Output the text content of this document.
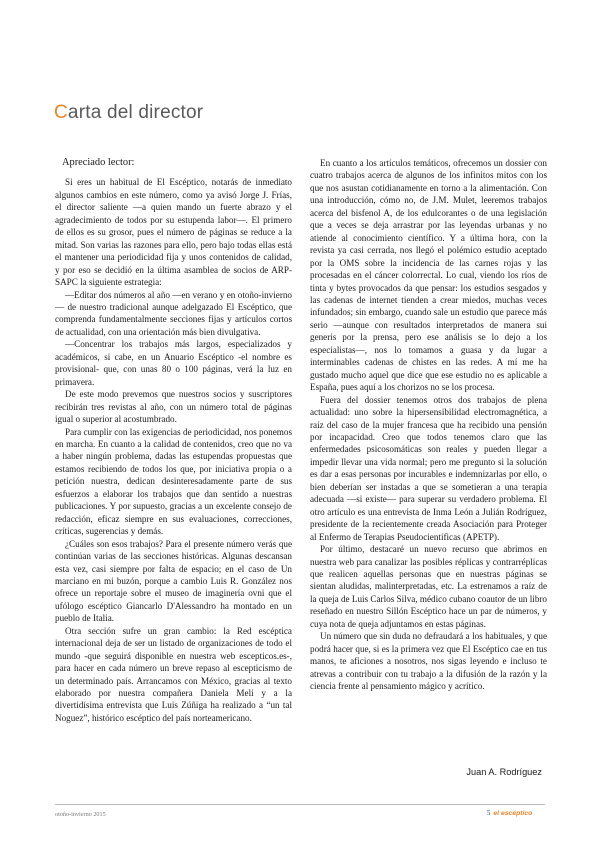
Carta del director

Apreciado lector:

Si eres un habitual de El Escéptico, notarás de inmediato algunos cambios en este número, como ya avisó Jorge J. Frías, el director saliente —a quien mando un fuerte abrazo y el agradecimiento de todos por su estupenda labor—. El primero de ellos es su grosor, pues el número de páginas se reduce a la mitad. Son varias las razones para ello, pero bajo todas ellas está el mantener una periodicidad fija y unos contenidos de calidad, y por eso se decidió en la última asamblea de socios de ARP-SAPC la siguiente estrategia:

—Editar dos números al año —en verano y en otoño-invierno— de nuestro tradicional aunque adelgazado El Escéptico, que comprenda fundamentalmente secciones fijas y artículos cortos de actualidad, con una orientación más bien divulgativa.

—Concentrar los trabajos más largos, especializados y académicos, si cabe, en un Anuario Escéptico -el nombre es provisional- que, con unas 80 o 100 páginas, verá la luz en primavera.

De este modo prevemos que nuestros socios y suscriptores recibirán tres revistas al año, con un número total de páginas igual o superior al acostumbrado.

Para cumplir con las exigencias de periodicidad, nos ponemos en marcha. En cuanto a la calidad de contenidos, creo que no va a haber ningún problema, dadas las estupendas propuestas que estamos recibiendo de todos los que, por iniciativa propia o a petición nuestra, dedican desinteresadamente parte de sus esfuerzos a elaborar los trabajos que dan sentido a nuestras publicaciones. Y por supuesto, gracias a un excelente consejo de redacción, eficaz siempre en sus evaluaciones, correcciones, críticas, sugerencias y demás.

¿Cuáles son esos trabajos? Para el presente número verás que continúan varias de las secciones históricas. Algunas descansan esta vez, casi siempre por falta de espacio; en el caso de Un marciano en mi buzón, porque a cambio Luis R. González nos ofrece un reportaje sobre el museo de imaginería ovni que el ufólogo escéptico Giancarlo D'Alessandro ha montado en un pueblo de Italia.

Otra sección sufre un gran cambio: la Red escéptica internacional deja de ser un listado de organizaciones de todo el mundo -que seguirá disponible en nuestra web escepticos.es-, para hacer en cada número un breve repaso al escepticismo de un determinado país. Arrancamos con México, gracias al texto elaborado por nuestra compañera Daniela Meli y a la divertidísima entrevista que Luis Zúñiga ha realizado a “un tal Noguez”, histórico escéptico del país norteamericano.

En cuanto a los artículos temáticos, ofrecemos un dossier con cuatro trabajos acerca de algunos de los infinitos mitos con los que nos asustan cotidianamente en torno a la alimentación. Con una introducción, cómo no, de J.M. Mulet, leeremos trabajos acerca del bisfenol A, de los edulcorantes o de una legislación que a veces se deja arrastrar por las leyendas urbanas y no atiende al conocimiento científico. Y a última hora, con la revista ya casi cerrada, nos llegó el polémico estudio aceptado por la OMS sobre la incidencia de las carnes rojas y las procesadas en el cáncer colorrectal. Lo cual, viendo los ríos de tinta y bytes provocados da que pensar: los estudios sesgados y las cadenas de internet tienden a crear miedos, muchas veces infundados; sin embargo, cuando sale un estudio que parece más serio —aunque con resultados interpretados de manera sui generis por la prensa, pero ese análisis se lo dejo a los especialistas—, nos lo tomamos a guasa y da lugar a interminables cadenas de chistes en las redes. A mí me ha gustado mucho aquel que dice que ese estudio no es aplicable a España, pues aquí a los chorizos no se los procesa.

Fuera del dossier tenemos otros dos trabajos de plena actualidad: uno sobre la hipersensibilidad electromagnética, a raíz del caso de la mujer francesa que ha recibido una pensión por incapacidad. Creo que todos tenemos claro que las enfermedades psicosomáticas son reales y pueden llegar a impedir llevar una vida normal; pero me pregunto si la solución es dar a esas personas por incurables e indemnizarlas por ello, o bien deberían ser instadas a que se sometieran a una terapia adecuada —si existe— para superar su verdadero problema. El otro artículo es una entrevista de Inma León a Julián Rodríguez, presidente de la recientemente creada Asociación para Proteger al Enfermo de Terapias Pseudocientíficas (APETP).

Por último, destacaré un nuevo recurso que abrimos en nuestra web para canalizar las posibles réplicas y contrarréplicas que realicen aquellas personas que en nuestras páginas se sientan aludidas, malinterpretadas, etc. La estrenamos a raíz de la queja de Luis Carlos Silva, médico cubano coautor de un libro reseñado en nuestro Sillón Escéptico hace un par de números, y cuya nota de queja adjuntamos en estas páginas.

Un número que sin duda no defraudará a los habituales, y que podrá hacer que, si es la primera vez que El Escéptico cae en tus manos, te aficiones a nosotros, nos sigas leyendo e incluso te atrevas a contribuir con tu trabajo a la difusión de la razón y la ciencia frente al pensamiento mágico y acrítico.

Juan A. Rodríguez
otoño-invierno 2015	5 el escéptico
